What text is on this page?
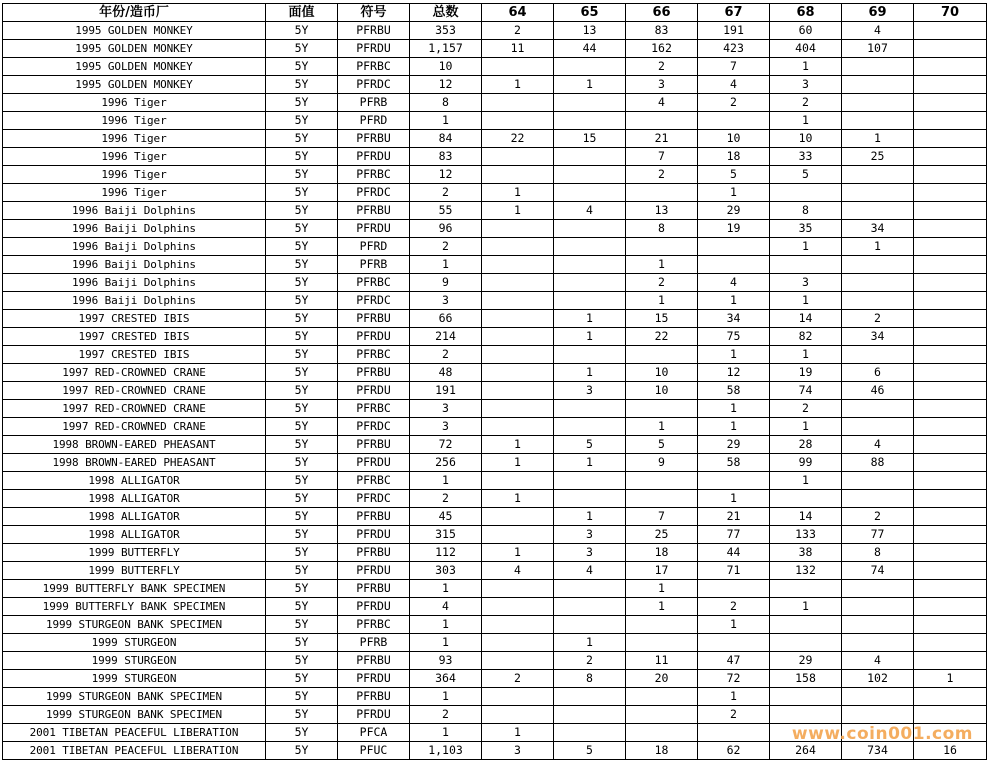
年份/造币厂	面值	符号	总数	64	65	66	67	68	69	70
1995 GOLDEN MONKEY	5Y	PFRBU	353	2	13	83	191	60	4	
1995 GOLDEN MONKEY	5Y	PFRDU	1,157	11	44	162	423	404	107	
1995 GOLDEN MONKEY	5Y	PFRBC	10			2	7	1		
1995 GOLDEN MONKEY	5Y	PFRDC	12	1	1	3	4	3		
1996 Tiger	5Y	PFRB	8			4	2	2		
1996 Tiger	5Y	PFRD	1					1		
1996 Tiger	5Y	PFRBU	84	22	15	21	10	10	1	
1996 Tiger	5Y	PFRDU	83			7	18	33	25	
1996 Tiger	5Y	PFRBC	12			2	5	5		
1996 Tiger	5Y	PFRDC	2	1			1			
1996 Baiji Dolphins	5Y	PFRBU	55	1	4	13	29	8		
1996 Baiji Dolphins	5Y	PFRDU	96			8	19	35	34	
1996 Baiji Dolphins	5Y	PFRD	2					1	1	
1996 Baiji Dolphins	5Y	PFRB	1			1				
1996 Baiji Dolphins	5Y	PFRBC	9			2	4	3		
1996 Baiji Dolphins	5Y	PFRDC	3			1	1	1		
1997 CRESTED IBIS	5Y	PFRBU	66		1	15	34	14	2	
1997 CRESTED IBIS	5Y	PFRDU	214		1	22	75	82	34	
1997 CRESTED IBIS	5Y	PFRBC	2				1	1		
1997 RED-CROWNED CRANE	5Y	PFRBU	48		1	10	12	19	6	
1997 RED-CROWNED CRANE	5Y	PFRDU	191		3	10	58	74	46	
1997 RED-CROWNED CRANE	5Y	PFRBC	3				1	2		
1997 RED-CROWNED CRANE	5Y	PFRDC	3			1	1	1		
1998 BROWN-EARED PHEASANT	5Y	PFRBU	72	1	5	5	29	28	4	
1998 BROWN-EARED PHEASANT	5Y	PFRDU	256	1	1	9	58	99	88	
1998 ALLIGATOR	5Y	PFRBC	1					1		
1998 ALLIGATOR	5Y	PFRDC	2	1			1			
1998 ALLIGATOR	5Y	PFRBU	45		1	7	21	14	2	
1998 ALLIGATOR	5Y	PFRDU	315		3	25	77	133	77	
1999 BUTTERFLY	5Y	PFRBU	112	1	3	18	44	38	8	
1999 BUTTERFLY	5Y	PFRDU	303	4	4	17	71	132	74	
1999 BUTTERFLY BANK SPECIMEN	5Y	PFRBU	1			1				
1999 BUTTERFLY BANK SPECIMEN	5Y	PFRDU	4			1	2	1		
1999 STURGEON BANK SPECIMEN	5Y	PFRBC	1				1			
1999 STURGEON	5Y	PFRB	1		1					
1999 STURGEON	5Y	PFRBU	93		2	11	47	29	4	
1999 STURGEON	5Y	PFRDU	364	2	8	20	72	158	102	1
1999 STURGEON BANK SPECIMEN	5Y	PFRBU	1				1			
1999 STURGEON BANK SPECIMEN	5Y	PFRDU	2				2			
2001 TIBETAN PEACEFUL LIBERATION	5Y	PFCA	1	1						
2001 TIBETAN PEACEFUL LIBERATION	5Y	PFUC	1,103	3	5	18	62	264	734	16
www.coin001.com
